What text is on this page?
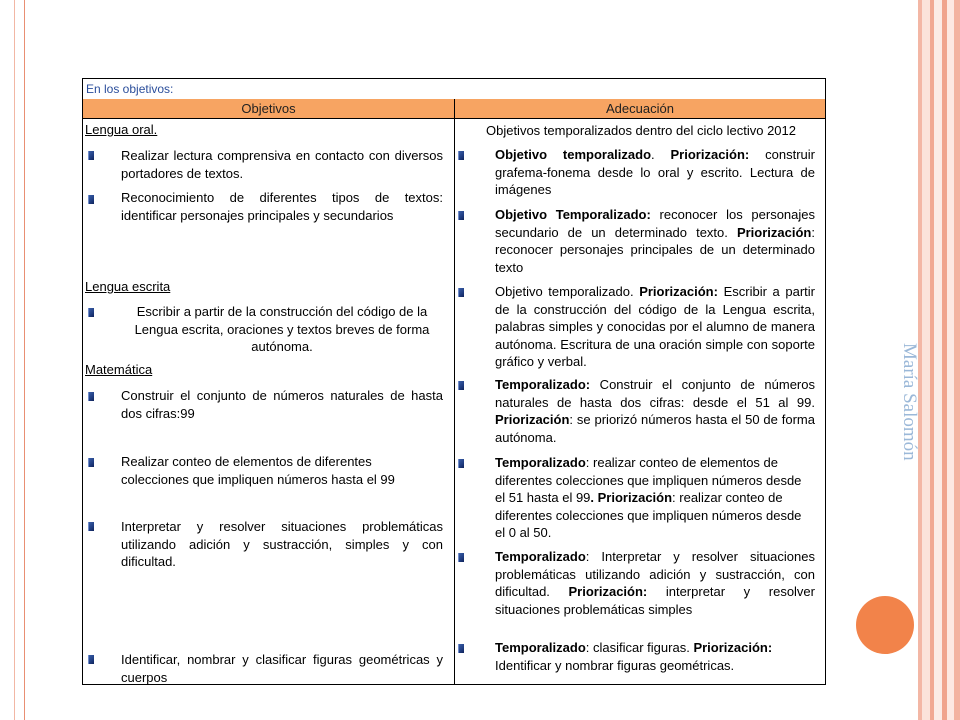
María Salomón
En los objetivos:
Objetivos	Adecuación
Lengua oral.
Realizar lectura comprensiva en contacto con diversos portadores de textos.
Reconocimiento de diferentes tipos de textos: identificar personajes principales y secundarios
Lengua escrita
Escribir a partir de la construcción del código de la Lengua escrita, oraciones y textos breves de forma autónoma.
Matemática
Construir el conjunto de números naturales de hasta dos cifras:99
Realizar conteo de elementos de diferentes colecciones que impliquen números hasta el 99
Interpretar y resolver situaciones problemáticas utilizando adición y sustracción, simples y con dificultad.
Identificar, nombrar y clasificar figuras geométricas y cuerpos
Objetivos temporalizados dentro del ciclo lectivo 2012
Objetivo temporalizado. Priorización: construir grafema-fonema desde lo oral y escrito. Lectura de imágenes
Objetivo Temporalizado: reconocer los personajes secundario de un determinado texto. Priorización: reconocer personajes principales de un determinado texto
Objetivo temporalizado. Priorización: Escribir a partir de la construcción del código de la Lengua escrita, palabras simples y conocidas por el alumno de manera autónoma. Escritura de una oración simple con soporte gráfico y verbal.
Temporalizado: Construir el conjunto de números naturales de hasta dos cifras: desde el 51 al 99. Priorización: se priorizó números hasta el 50 de forma autónoma.
Temporalizado: realizar conteo de elementos de diferentes colecciones que impliquen números desde el 51 hasta el 99. Priorización: realizar conteo de diferentes colecciones que impliquen números desde el 0 al 50.
Temporalizado: Interpretar y resolver situaciones problemáticas utilizando adición y sustracción, con dificultad. Priorización: interpretar y resolver situaciones problemáticas simples
Temporalizado: clasificar figuras. Priorización: Identificar y nombrar figuras geométricas.
